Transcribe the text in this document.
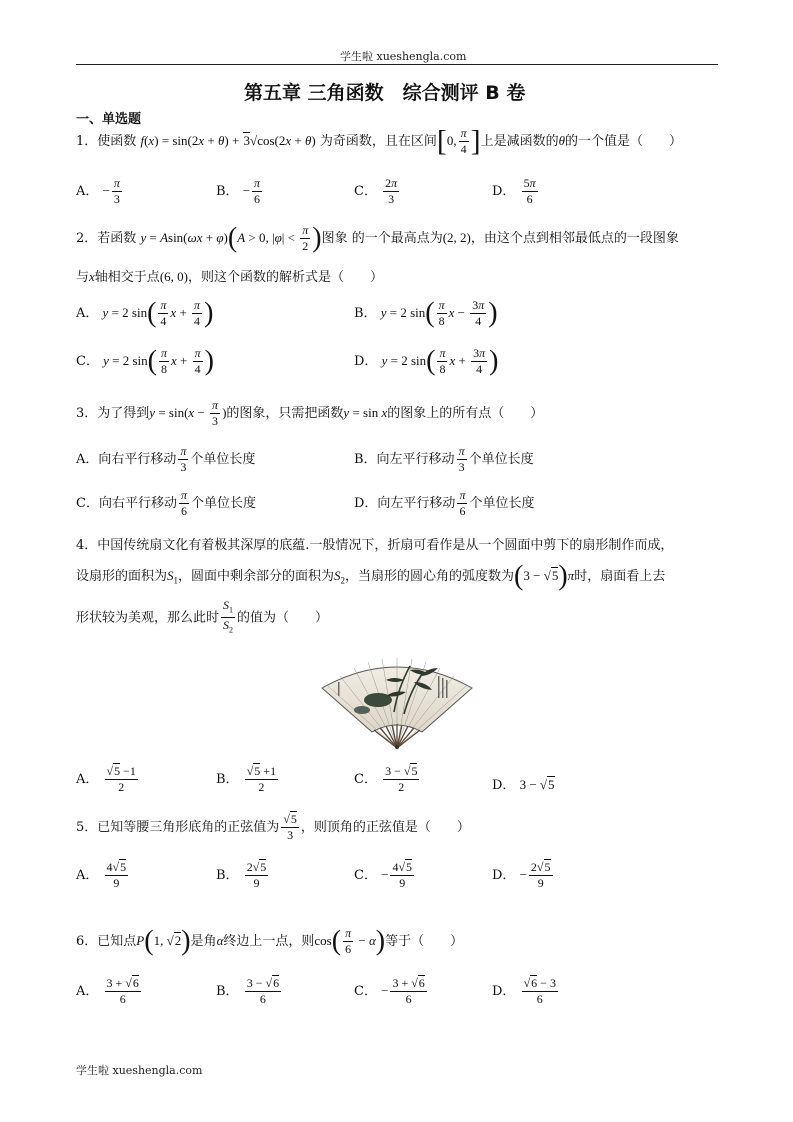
学生啦 xueshengla.com
第五章 三角函数　综合测评 B 卷
一、单选题
1．使函数 f(x) = sin(2x + θ) + 3√cos(2x + θ) 为奇函数，且在区间[0, $\frac{\pi}{4}$ ]上是减函数的θ的一个值是（　　）
A． − $\frac{\pi}{3}$	B． − $\frac{\pi}{6}$	C． $\frac{2\pi}{3}$	D． $\frac{5\pi}{6}$
2．若函数 y = Asin(ωx + φ)(A > 0, $|\varphi| < \frac{\pi}{2}$ )图象 的一个最高点为(2, 2)，由这个点到相邻最低点的一段图象
与x轴相交于点(6, 0)，则这个函数的解析式是（　　）
A． y = 2 $\sin( \frac{\pi}{4}$ $x + \frac{\pi}{4}$ )	B． y = 2 $\sin( \frac{\pi}{8}$ $x - \frac{3\pi}{4}$ )
C． y = 2 $\sin( \frac{\pi}{8}$ $x + \frac{\pi}{4}$ )	D． y = 2 $\sin( \frac{\pi}{8}$ $x + \frac{3\pi}{4}$ )
3．为了得到$y = \sin(x - \frac{\pi}{3}$ )的图象，只需把函数y = sin x的图象上的所有点（　　）
A．向右平行移动 $\frac{\pi}{3}$ 个单位长度	B．向左平行移动 $\frac{\pi}{3}$ 个单位长度
C．向右平行移动 $\frac{\pi}{6}$ 个单位长度	D．向左平行移动 $\frac{\pi}{6}$ 个单位长度
4．中国传统扇文化有着极其深厚的底蕴.一般情况下，折扇可看作是从一个圆面中剪下的扇形制作而成，
设扇形的面积为$S_1$，圆面中剩余部分的面积为$S_2$，当扇形的圆心角的弧度数为(3 − √5)π时，扇面看上去
形状较为美观，那么此时 $\frac{S_1}{S_2}$ 的值为（　　）
A． $\frac{√5 -1}{2}$	B． $\frac{√5 +1}{2}$	C． $\frac{3 - √5}{2}$	D． 3 − √5
5．已知等腰三角形底角的正弦值为 $\frac{√5}{3}$ ，则顶角的正弦值是（　　）
A． $\frac{4√5}{9}$	B． $\frac{2√5}{9}$	C． − $\frac{4√5}{9}$	D． − $\frac{2√5}{9}$
6．已知点P(1, √2)是角α终边上一点，则$\cos( \frac{\pi}{6} - \alpha)$等于（　　）
A． $\frac{3 + √6}{6}$	B． $\frac{3 - √6}{6}$	C． − $\frac{3 + √6}{6}$	D． $\frac{√6 - 3}{6}$
学生啦 xueshengla.com
